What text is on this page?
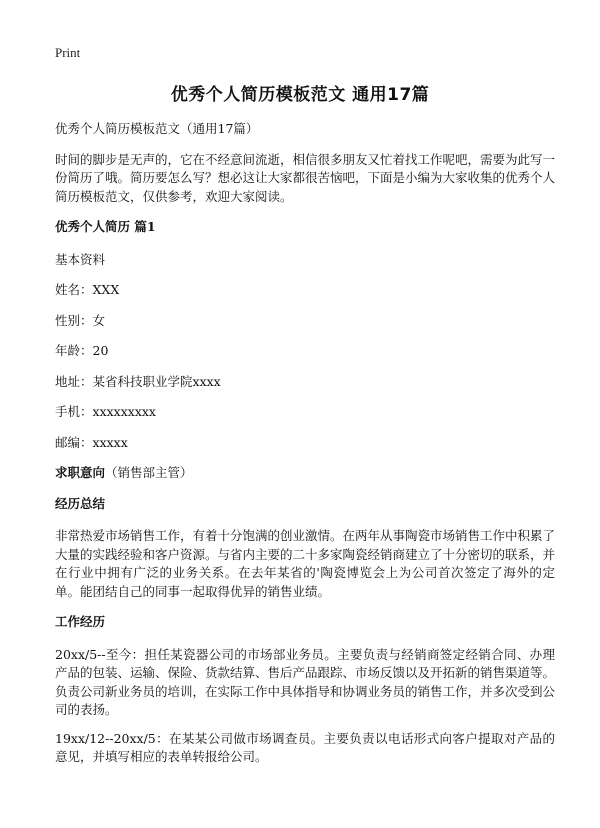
Print
优秀个人简历模板范文 通用17篇

优秀个人简历模板范文（通用17篇）

时间的脚步是无声的，它在不经意间流逝，相信很多朋友又忙着找工作呢吧，需要为此写一份简历了哦。简历要怎么写？想必这让大家都很苦恼吧，下面是小编为大家收集的优秀个人简历模板范文，仅供参考，欢迎大家阅读。

优秀个人简历 篇1

基本资料

姓名：XXX

性别：女

年龄：20

地址：某省科技职业学院xxxx

手机：xxxxxxxxx

邮编：xxxxx

求职意向（销售部主管）

经历总结

非常热爱市场销售工作，有着十分饱满的创业激情。在两年从事陶瓷市场销售工作中积累了大量的实践经验和客户资源。与省内主要的二十多家陶瓷经销商建立了十分密切的联系，并在行业中拥有广泛的业务关系。在去年某省的'陶瓷博览会上为公司首次签定了海外的定单。能团结自己的同事一起取得优异的销售业绩。

工作经历

20xx/5--至今：担任某瓷器公司的市场部业务员。主要负责与经销商签定经销合同、办理产品的包装、运输、保险、货款结算、售后产品跟踪、市场反馈以及开拓新的销售渠道等。负责公司新业务员的培训，在实际工作中具体指导和协调业务员的销售工作，并多次受到公司的表扬。

19xx/12--20xx/5：在某某公司做市场调查员。主要负责以电话形式向客户提取对产品的意见，并填写相应的表单转报给公司。
